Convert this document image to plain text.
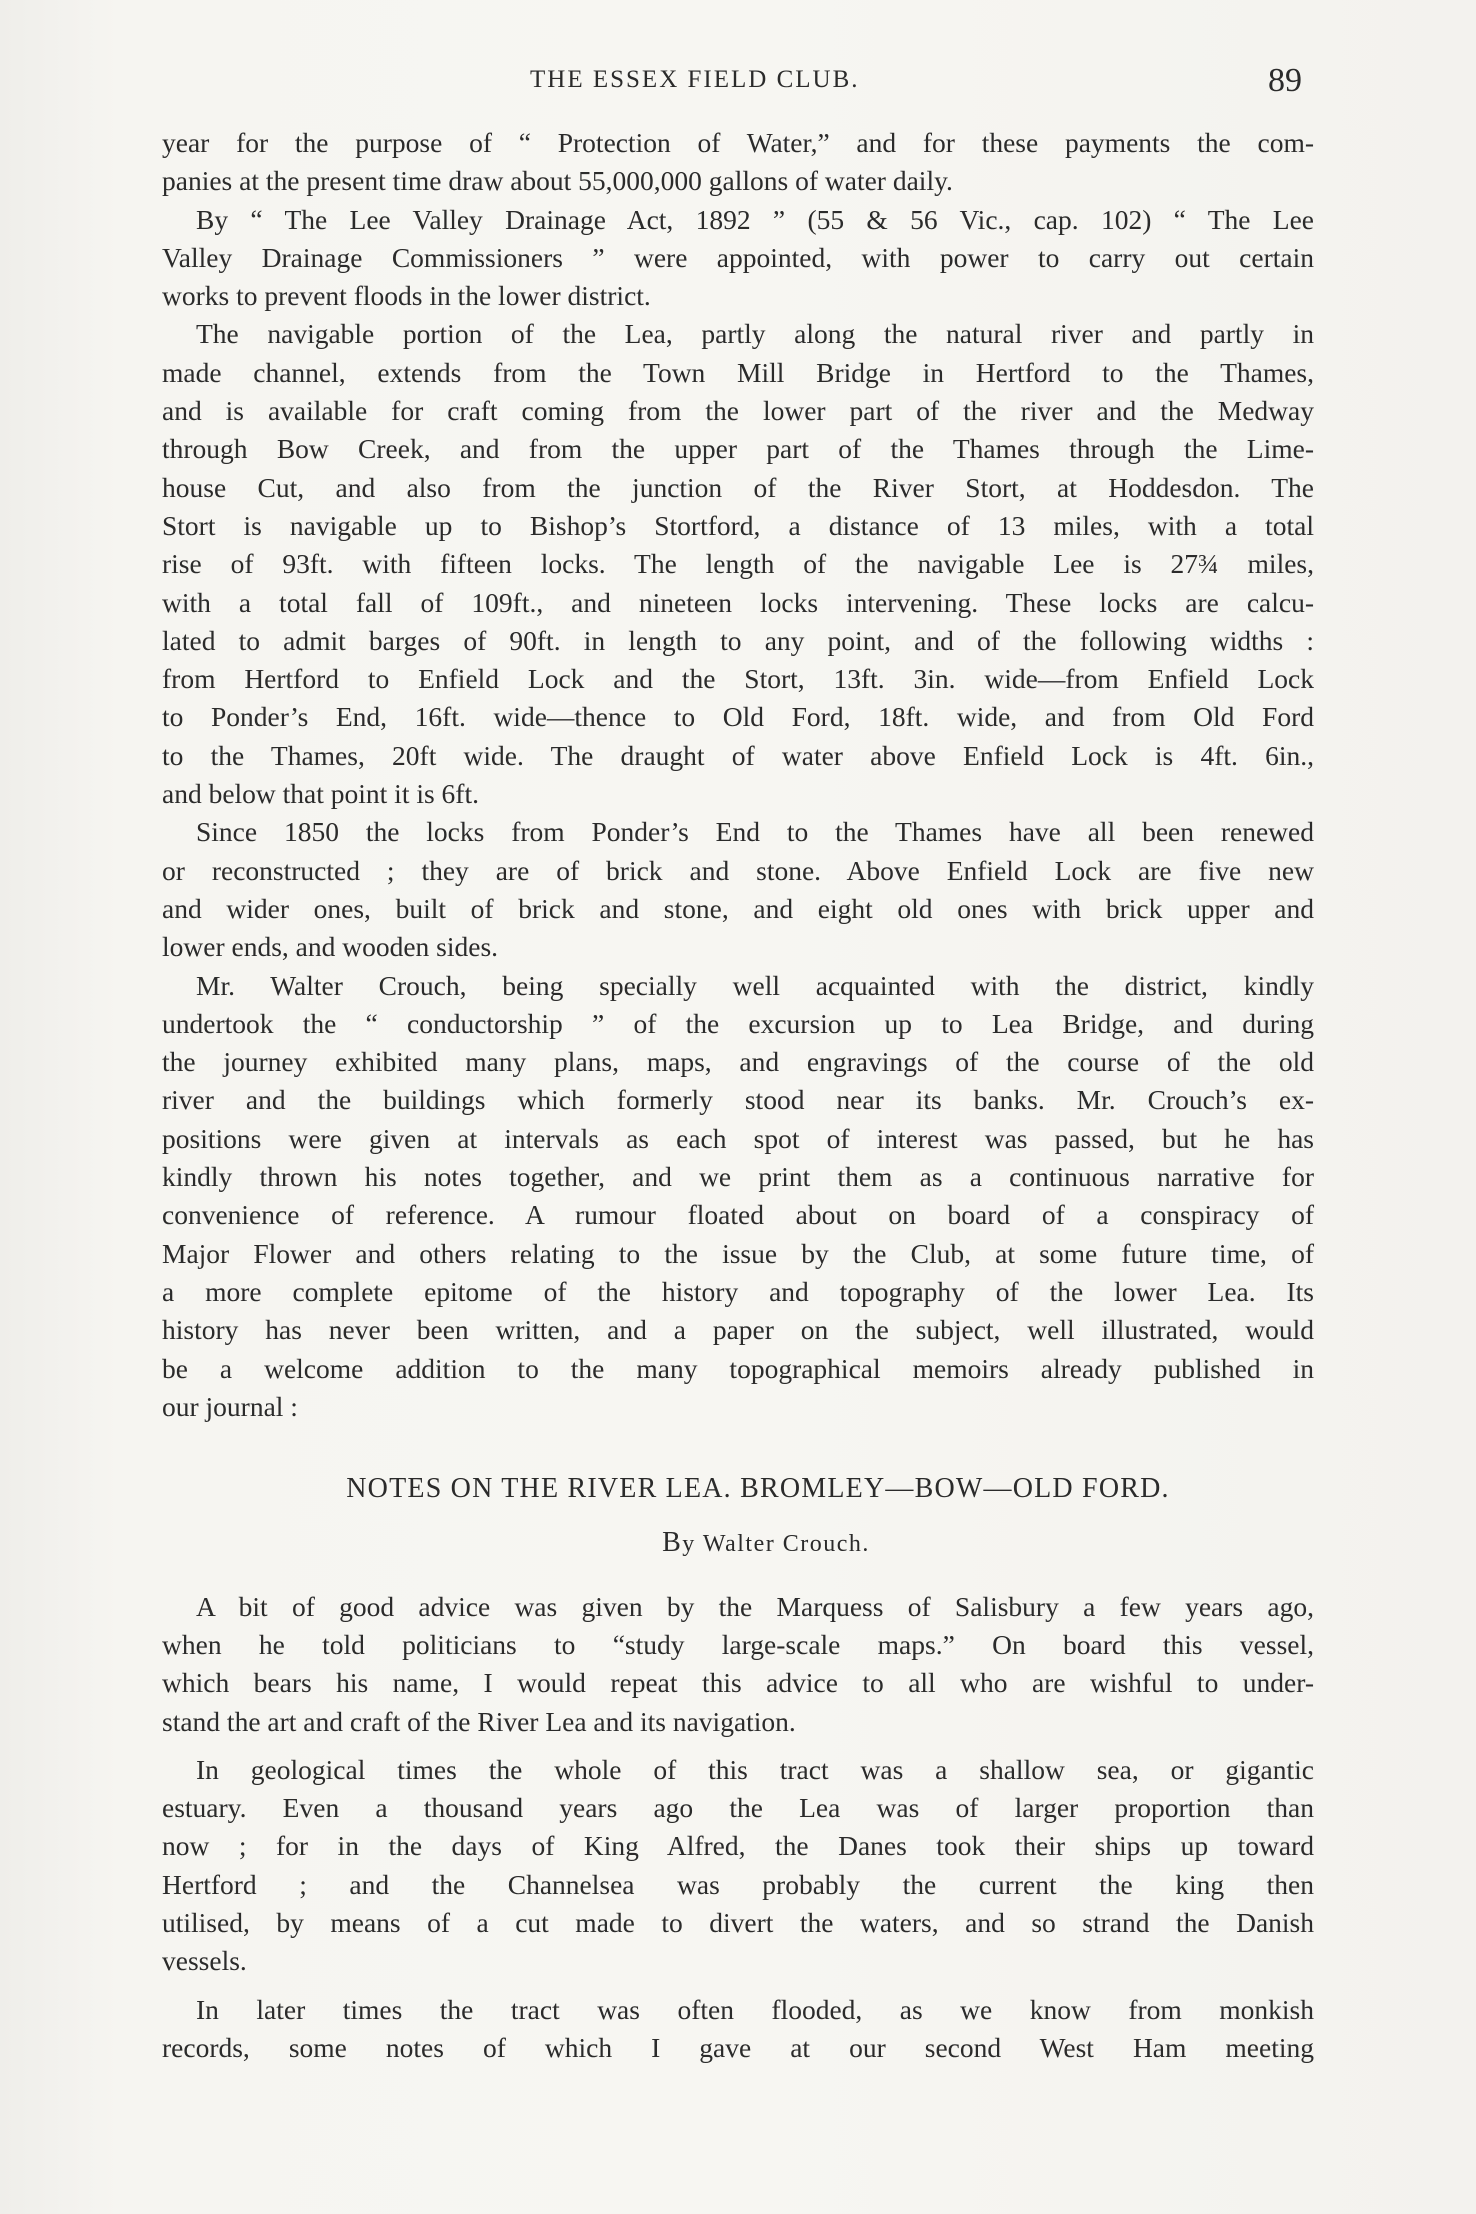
THE ESSEX FIELD CLUB.	89
year for the purpose of “ Protection of Water,” and for these payments the com-
panies at the present time draw about 55,000,000 gallons of water daily.
By “ The Lee Valley Drainage Act, 1892 ” (55 & 56 Vic., cap. 102) “ The Lee
Valley Drainage Commissioners ” were appointed, with power to carry out certain
works to prevent floods in the lower district.
The navigable portion of the Lea, partly along the natural river and partly in
made channel, extends from the Town Mill Bridge in Hertford to the Thames,
and is available for craft coming from the lower part of the river and the Medway
through Bow Creek, and from the upper part of the Thames through the Lime-
house Cut, and also from the junction of the River Stort, at Hoddesdon. The
Stort is navigable up to Bishop’s Stortford, a distance of 13 miles, with a total
rise of 93ft. with fifteen locks. The length of the navigable Lee is 27¾ miles,
with a total fall of 109ft., and nineteen locks intervening. These locks are calcu-
lated to admit barges of 90ft. in length to any point, and of the following widths :
from Hertford to Enfield Lock and the Stort, 13ft. 3in. wide—from Enfield Lock
to Ponder’s End, 16ft. wide—thence to Old Ford, 18ft. wide, and from Old Ford
to the Thames, 20ft wide. The draught of water above Enfield Lock is 4ft. 6in.,
and below that point it is 6ft.
Since 1850 the locks from Ponder’s End to the Thames have all been renewed
or reconstructed ; they are of brick and stone. Above Enfield Lock are five new
and wider ones, built of brick and stone, and eight old ones with brick upper and
lower ends, and wooden sides.
Mr. Walter Crouch, being specially well acquainted with the district, kindly
undertook the “ conductorship ” of the excursion up to Lea Bridge, and during
the journey exhibited many plans, maps, and engravings of the course of the old
river and the buildings which formerly stood near its banks. Mr. Crouch’s ex-
positions were given at intervals as each spot of interest was passed, but he has
kindly thrown his notes together, and we print them as a continuous narrative for
convenience of reference. A rumour floated about on board of a conspiracy of
Major Flower and others relating to the issue by the Club, at some future time, of
a more complete epitome of the history and topography of the lower Lea. Its
history has never been written, and a paper on the subject, well illustrated, would
be a welcome addition to the many topographical memoirs already published in
our journal :
NOTES ON THE RIVER LEA. BROMLEY—BOW—OLD FORD.
By Walter Crouch.
A bit of good advice was given by the Marquess of Salisbury a few years ago,
when he told politicians to “study large-scale maps.” On board this vessel,
which bears his name, I would repeat this advice to all who are wishful to under-
stand the art and craft of the River Lea and its navigation.
In geological times the whole of this tract was a shallow sea, or gigantic
estuary. Even a thousand years ago the Lea was of larger proportion than
now ; for in the days of King Alfred, the Danes took their ships up toward
Hertford ; and the Channelsea was probably the current the king then
utilised, by means of a cut made to divert the waters, and so strand the Danish
vessels.
In later times the tract was often flooded, as we know from monkish
records, some notes of which I gave at our second West Ham meeting
